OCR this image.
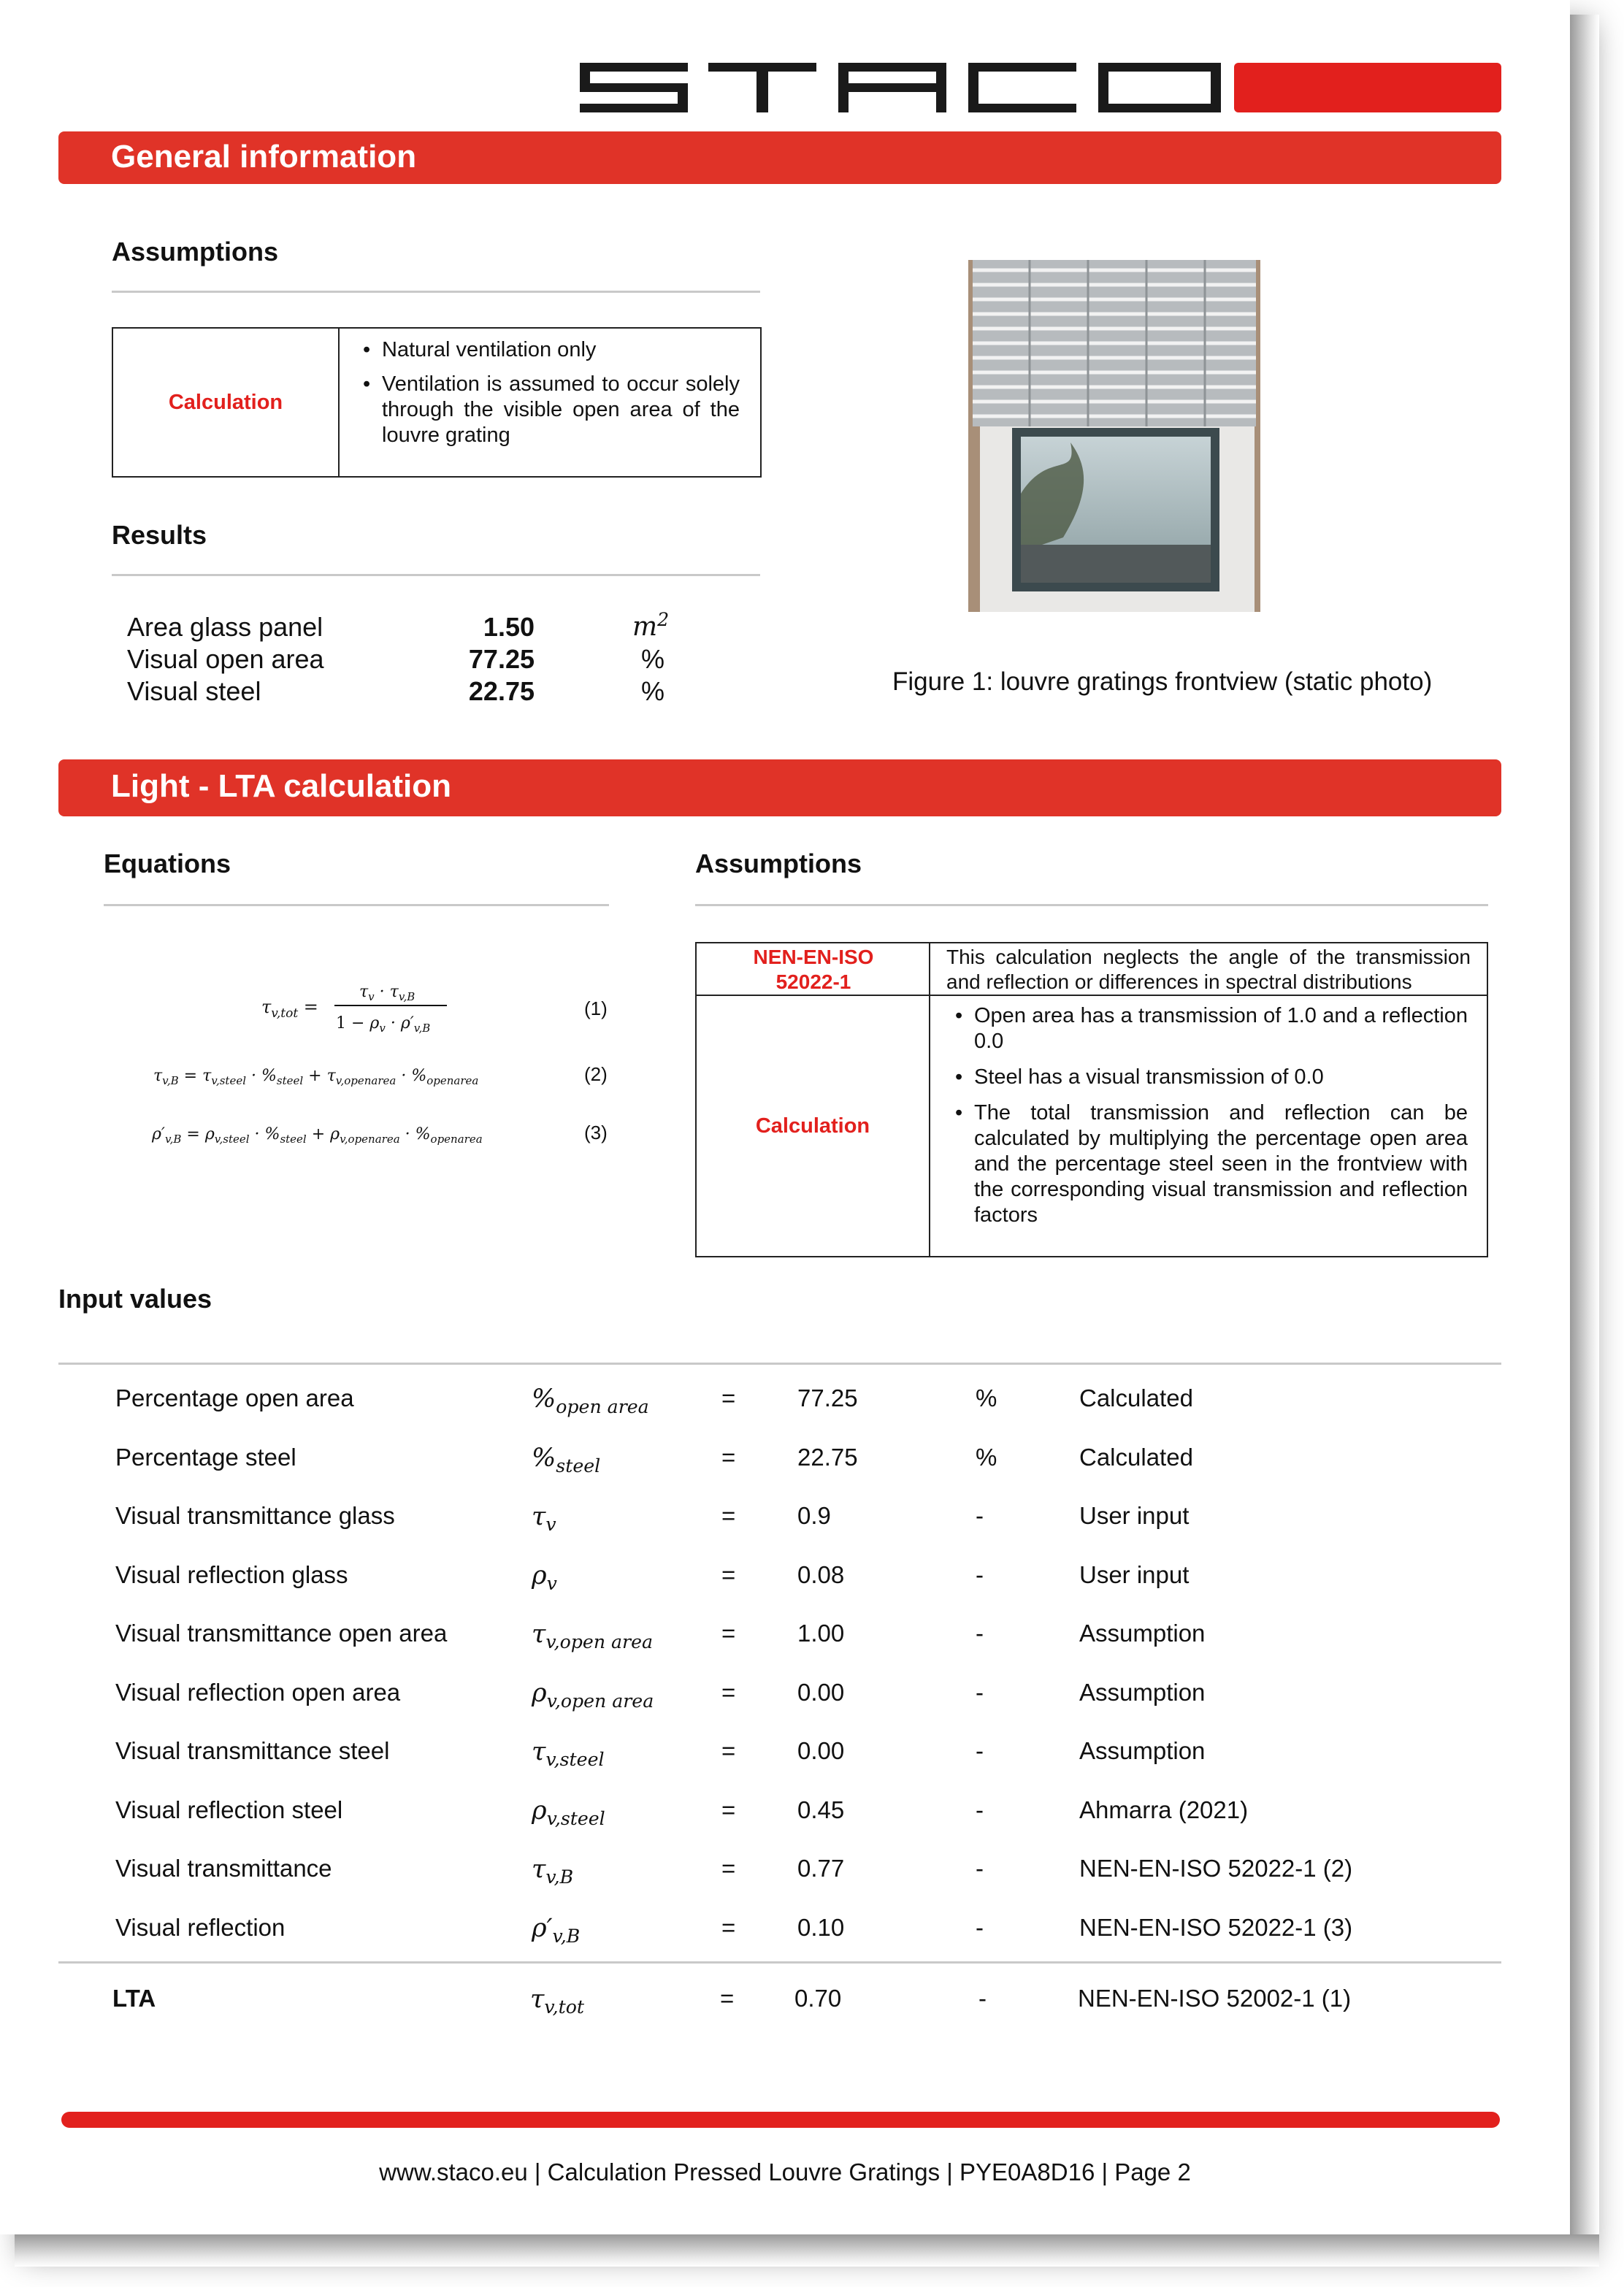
General information
Assumptions
Calculation
• Natural ventilation only
• Ventilation is assumed to occur solely through the visible open area of the louvre grating
Results
Area glass panel	1.50	$m^2$
Visual open area	77.25	%
Visual steel	22.75	%	Figure 1: louvre gratings frontview (static photo)
Light - LTA calculation
Equations	Assumptions
$\tau_{v,tot}$ =
$\tau_v \cdot \tau_{v,B}$
$1 - \rho_v \cdot \rho'_{v,B}$
$\tau_{v,B} = \tau_{v,steel} \cdot \%_{steel} + \tau_{v,openarea} \cdot \%_{openarea}$
$\rho'_{v,B} = \rho_{v,steel} \cdot \%_{steel} + \rho_{v,openarea} \cdot \%_{openarea}$
(1)
(2)
(3)
NEN-EN-ISO 52022-1
This calculation neglects the angle of the transmission and reflection or differences in spectral distributions
Calculation
• Open area has a transmission of 1.0 and a reflection 0.0
• Steel has a visual transmission of 0.0
• The total transmission and reflection can be calculated by multiplying the percentage open area and the percentage steel seen in the frontview with the corresponding visual transmission and reflection factors
Input values
Percentage open area	$\%_{open area}$	=	77.25	%	Calculated
Percentage steel	$\%_{steel}$	=	22.75	%	Calculated
Visual transmittance glass	$\tau_v$	=	0.9	-	User input
Visual reflection glass	$\rho_v$	=	0.08	-	User input
Visual transmittance open area	$\tau_{v,open area}$	=	1.00	-	Assumption
Visual reflection open area	$\rho_{v,open area}$	=	0.00	-	Assumption
Visual transmittance steel	$\tau_{v,steel}$	=	0.00	-	Assumption
Visual reflection steel	$\rho_{v,steel}$	=	0.45	-	Ahmarra (2021)
Visual transmittance	$\tau_{v,B}$	=	0.77	-	NEN-EN-ISO 52022-1 (2)
Visual reflection	$\rho'_{v,B}$	=	0.10	-	NEN-EN-ISO 52022-1 (3)
LTA	$\tau_{v,tot}$	=	0.70	-	NEN-EN-ISO 52002-1 (1)
www.staco.eu | Calculation Pressed Louvre Gratings | PYE0A8D16 | Page 2
